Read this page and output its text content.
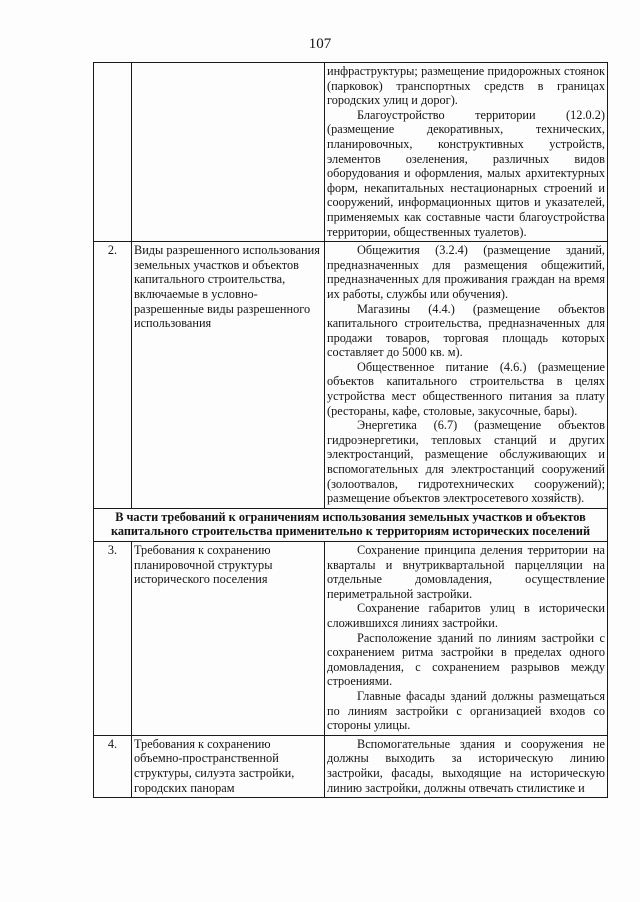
107

		инфраструктуры; размещение придорожных стоянок (парковок) транспортных средств в границах городских улиц и дорог).

Благоустройство территории (12.0.2) (размещение декоративных, технических, планировочных, конструктивных устройств, элементов озеленения, различных видов оборудования и оформления, малых архитектурных форм, некапитальных нестационарных строений и сооружений, информационных щитов и указателей, применяемых как составные части благоустройства территории, общественных туалетов).

2.	Виды разрешенного использования земельных участков и объектов капитального строительства, включаемые в условно-разрешенные виды разрешенного использования	Общежития (3.2.4) (размещение зданий, предназначенных для размещения общежитий, предназначенных для проживания граждан на время их работы, службы или обучения).

Магазины (4.4.) (размещение объектов капитального строительства, предназначенных для продажи товаров, торговая площадь которых составляет до 5000 кв. м).

Общественное питание (4.6.) (размещение объектов капитального строительства в целях устройства мест общественного питания за плату (рестораны, кафе, столовые, закусочные, бары).

Энергетика (6.7) (размещение объектов гидроэнергетики, тепловых станций и других электростанций, размещение обслуживающих и вспомогательных для электростанций сооружений (золоотвалов, гидротехнических сооружений); размещение объектов электросетевого хозяйств).

В части требований к ограничениям использования земельных участков и объектов капитального строительства применительно к территориям исторических поселений		
3.	Требования к сохранению планировочной структуры исторического поселения	Сохранение принципа деления территории на кварталы и внутриквартальной парцелляции на отдельные домовладения, осуществление периметральной застройки.

Сохранение габаритов улиц в исторически сложившихся линиях застройки.

Расположение зданий по линиям застройки с сохранением ритма застройки в пределах одного домовладения, с сохранением разрывов между строениями.

Главные фасады зданий должны размещаться по линиям застройки с организацией входов со стороны улицы.

4.	Требования к сохранению объемно-пространственной структуры, силуэта застройки, городских панорам	Вспомогательные здания и сооружения не должны выходить за историческую линию застройки, фасады, выходящие на историческую линию застройки, должны отвечать стилистике и
